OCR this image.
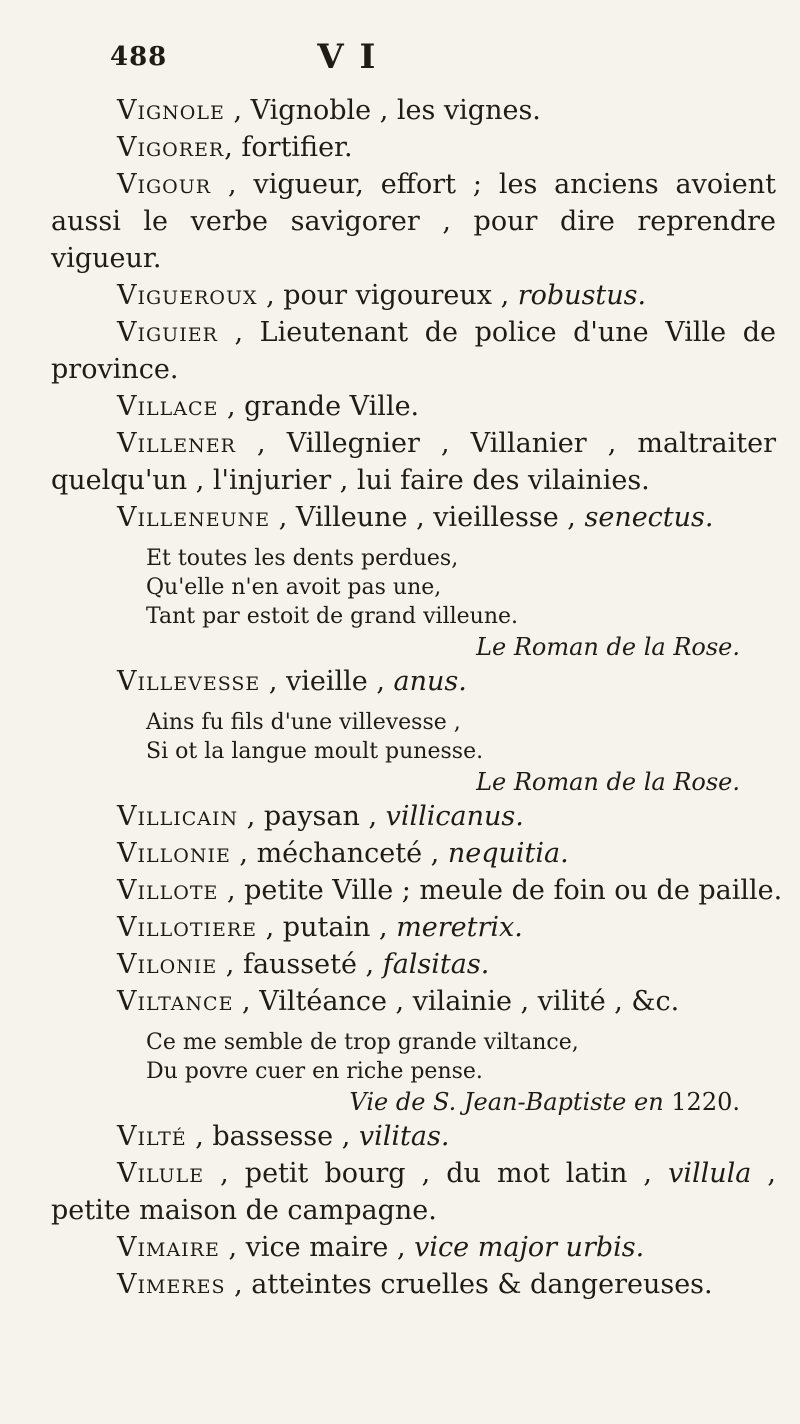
488	V I
Vignole , Vignoble , les vignes.
Vigorer, fortifier.
Vigour , vigueur, effort ; les anciens avoient aussi le verbe savigorer , pour dire reprendre vigueur.
Vigueroux , pour vigoureux , robustus.
Viguier , Lieutenant de police d'une Ville de province.
Villace , grande Ville.
Villener , Villegnier , Villanier , maltraiter quelqu'un , l'injurier , lui faire des vilainies.
Villeneune , Villeune , vieillesse , senectus.
Et toutes les dents perdues,
Qu'elle n'en avoit pas une,
Tant par estoit de grand villeune.
Le Roman de la Rose.
Villevesse , vieille , anus.
Ains fu fils d'une villevesse ,
Si ot la langue moult punesse.
Le Roman de la Rose.
Villicain , paysan , villicanus.
Villonie , méchanceté , nequitia.
Villote , petite Ville ; meule de foin ou de paille.
Villotiere , putain , meretrix.
Vilonie , fausseté , falsitas.
Viltance , Viltéance , vilainie , vilité , &c.
Ce me semble de trop grande viltance,
Du povre cuer en riche pense.
Vie de S. Jean-Baptiste en 1220.
Vilté , bassesse , vilitas.
Vilule , petit bourg , du mot latin , villula , petite maison de campagne.
Vimaire , vice maire , vice major urbis.
Vimeres , atteintes cruelles & dangereuses.
